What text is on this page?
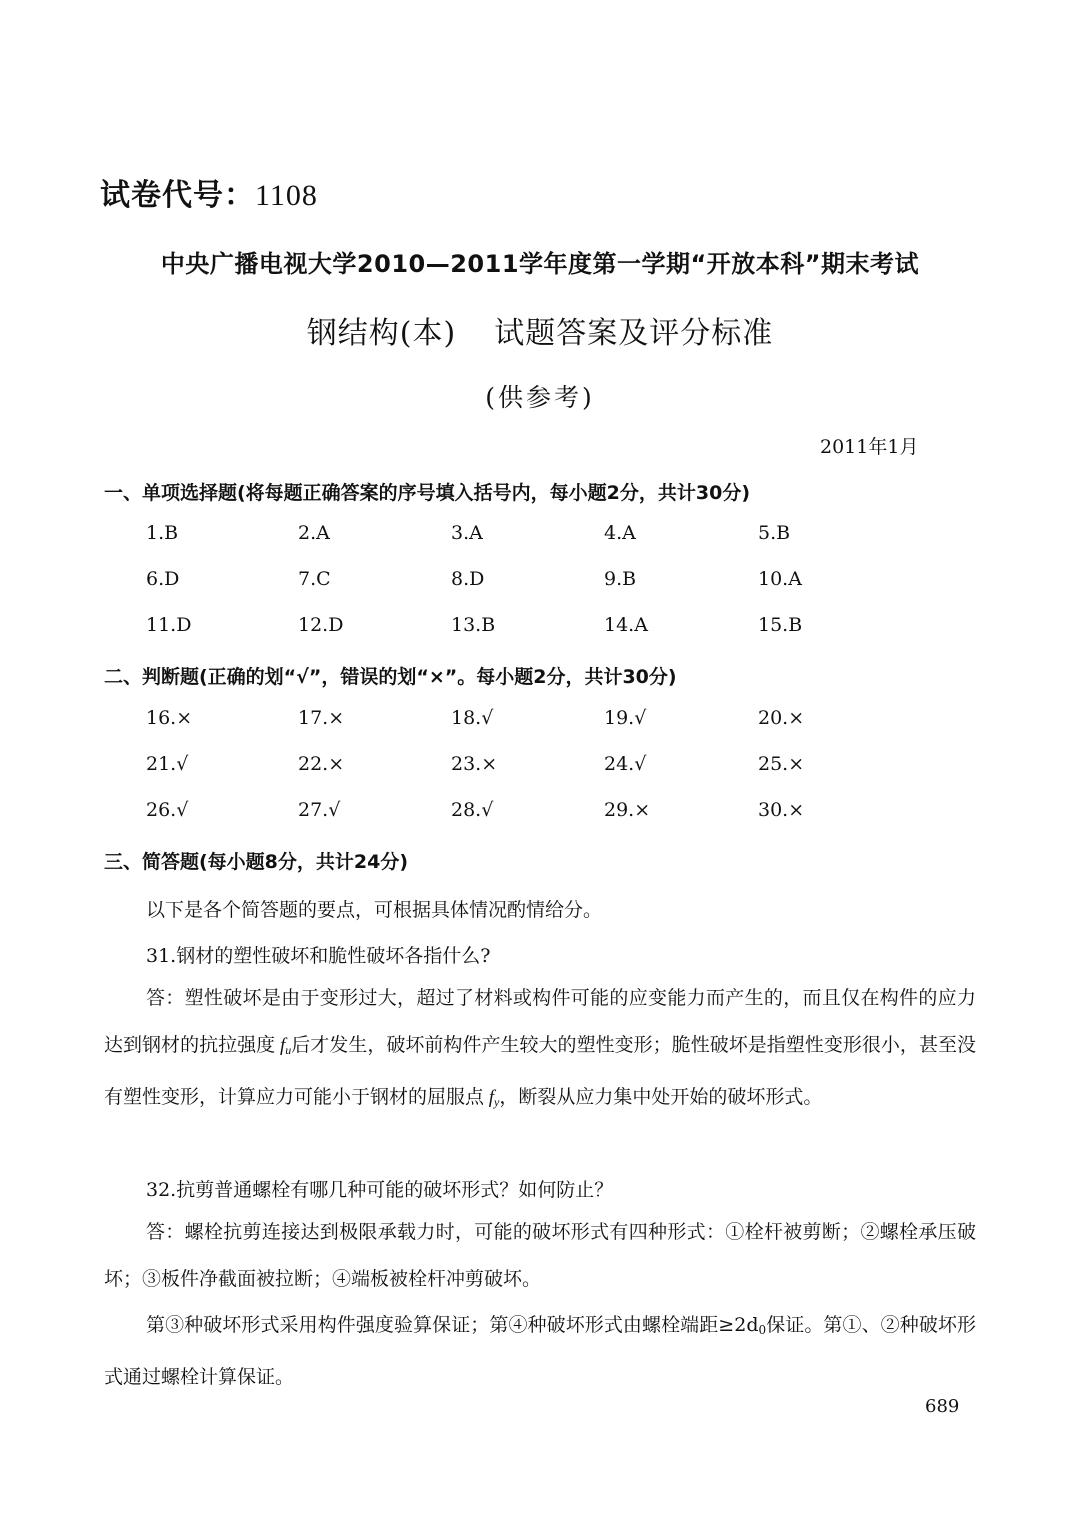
试卷代号：1108
中央广播电视大学2010—2011学年度第一学期“开放本科”期末考试
钢结构(本) 试题答案及评分标准
(供参考)
2011年1月
一、单项选择题(将每题正确答案的序号填入括号内，每小题2分，共计30分)
1.B	2.A	3.A	4.A	5.B
6.D	7.C	8.D	9.B	10.A
11.D	12.D	13.B	14.A	15.B
二、判断题(正确的划“√”，错误的划“×”。每小题2分，共计30分)
16.×	17.×	18.√	19.√	20.×
21.√	22.×	23.×	24.√	25.×
26.√	27.√	28.√	29.×	30.×
三、简答题(每小题8分，共计24分)
以下是各个简答题的要点，可根据具体情况酌情给分。
31.钢材的塑性破坏和脆性破坏各指什么?
答：塑性破坏是由于变形过大，超过了材料或构件可能的应变能力而产生的，而且仅在构件的应力达到钢材的抗拉强度 $f_u$后才发生，破坏前构件产生较大的塑性变形；脆性破坏是指塑性变形很小，甚至没有塑性变形，计算应力可能小于钢材的屈服点 $f_y$，断裂从应力集中处开始的破坏形式。
32.抗剪普通螺栓有哪几种可能的破坏形式？如何防止？
答：螺栓抗剪连接达到极限承载力时，可能的破坏形式有四种形式：①栓杆被剪断；②螺栓承压破坏；③板件净截面被拉断；④端板被栓杆冲剪破坏。
第③种破坏形式采用构件强度验算保证；第④种破坏形式由螺栓端距$\ge 2d_0$保证。第①、②种破坏形式通过螺栓计算保证。
689
